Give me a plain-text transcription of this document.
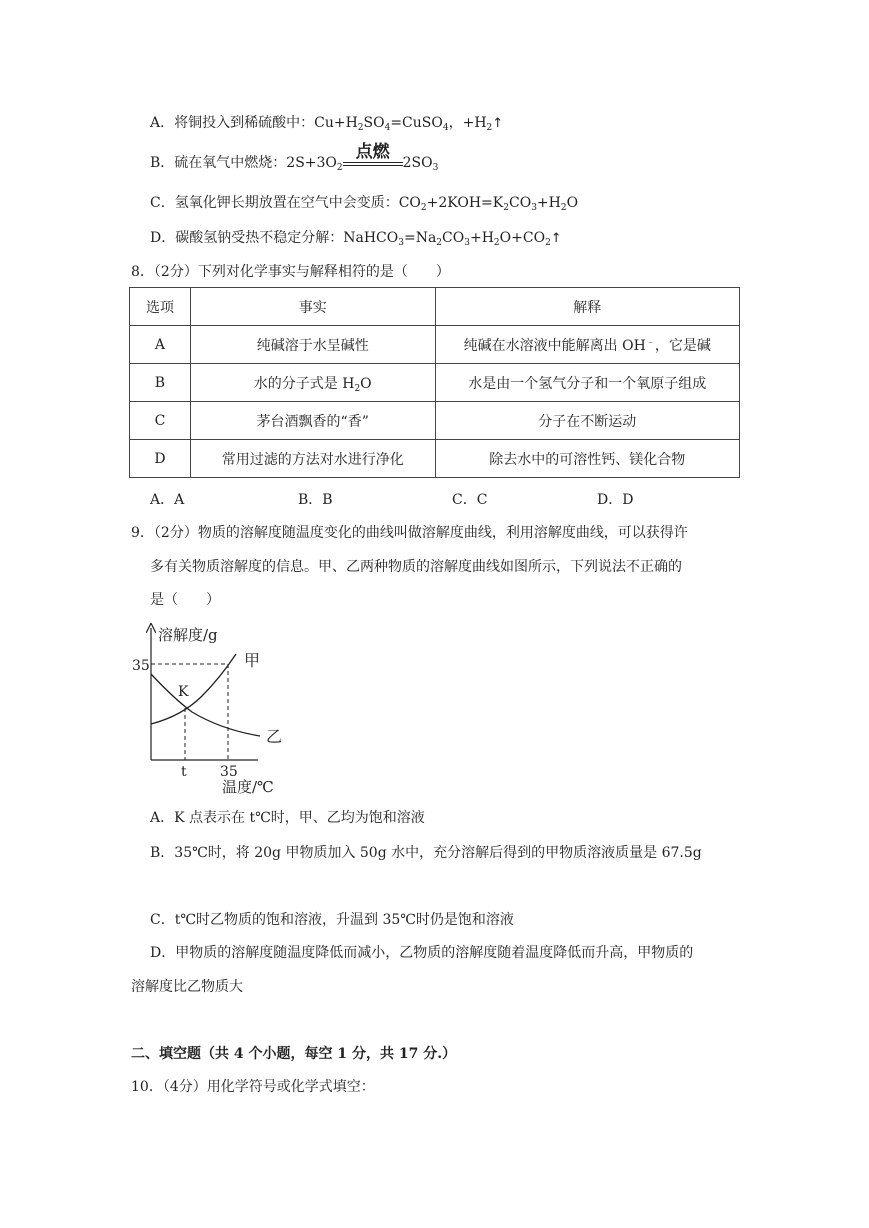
A．将铜投入到稀硫酸中：$Cu+H_2SO_4=CuSO_4$，$+H_2↑$
B．硫在氧气中燃烧：$2S+3O_2$
点燃
$2SO_3$
C．氢氧化钾长期放置在空气中会变质：$CO_2+2KOH=K_2CO_3+H_2O$
D．碳酸氢钠受热不稳定分解：$NaHCO_3=Na_2CO_3+H_2O+CO_2↑$
8．（2分）下列对化学事实与解释相符的是（　　）
选项	事实	解释
A	纯碱溶于水呈碱性	纯碱在水溶液中能解离出 OH﹣，它是碱
B	水的分子式是 $H_2O$	水是由一个氢气分子和一个氧原子组成
C	茅台酒飘香的“香”	分子在不断运动
D	常用过滤的方法对水进行净化	除去水中的可溶性钙、镁化合物
A．A	B．B	C．C	D．D
9．（2分）物质的溶解度随温度变化的曲线叫做溶解度曲线，利用溶解度曲线，可以获得许
多有关物质溶解度的信息。甲、乙两种物质的溶解度曲线如图所示，下列说法不正确的
是（　　）
溶解度/g
35
K
甲
乙
t 35
温度/℃
A．K 点表示在 t℃时，甲、乙均为饱和溶液
B．35℃时，将 20g 甲物质加入 50g 水中，充分溶解后得到的甲物质溶液质量是 67.5g
C．t℃时乙物质的饱和溶液，升温到 35℃时仍是饱和溶液
D．甲物质的溶解度随温度降低而减小，乙物质的溶解度随着温度降低而升高，甲物质的
溶解度比乙物质大
二、填空题（共 4 个小题，每空 1 分，共 17 分.）
10．（4分）用化学符号或化学式填空：
